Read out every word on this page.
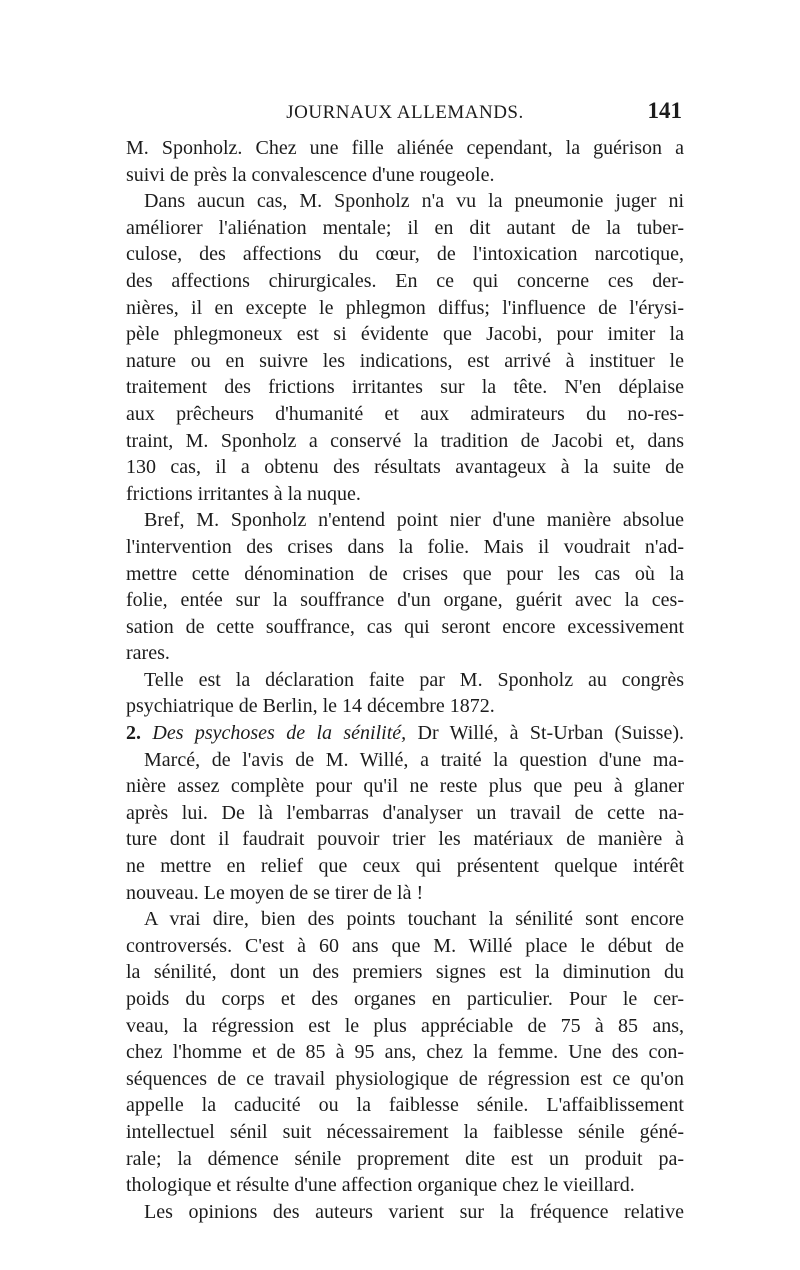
JOURNAUX ALLEMANDS.	141
M. Sponholz. Chez une fille aliénée cependant, la guérison a
suivi de près la convalescence d'une rougeole.
Dans aucun cas, M. Sponholz n'a vu la pneumonie juger ni
améliorer l'aliénation mentale; il en dit autant de la tuber-
culose, des affections du cœur, de l'intoxication narcotique,
des affections chirurgicales. En ce qui concerne ces der-
nières, il en excepte le phlegmon diffus; l'influence de l'érysi-
pèle phlegmoneux est si évidente que Jacobi, pour imiter la
nature ou en suivre les indications, est arrivé à instituer le
traitement des frictions irritantes sur la tête. N'en déplaise
aux prêcheurs d'humanité et aux admirateurs du no-res-
traint, M. Sponholz a conservé la tradition de Jacobi et, dans
130 cas, il a obtenu des résultats avantageux à la suite de
frictions irritantes à la nuque.
Bref, M. Sponholz n'entend point nier d'une manière absolue
l'intervention des crises dans la folie. Mais il voudrait n'ad-
mettre cette dénomination de crises que pour les cas où la
folie, entée sur la souffrance d'un organe, guérit avec la ces-
sation de cette souffrance, cas qui seront encore excessivement
rares.
Telle est la déclaration faite par M. Sponholz au congrès
psychiatrique de Berlin, le 14 décembre 1872.
2. Des psychoses de la sénilité, Dr Willé, à St-Urban (Suisse).
Marcé, de l'avis de M. Willé, a traité la question d'une ma-
nière assez complète pour qu'il ne reste plus que peu à glaner
après lui. De là l'embarras d'analyser un travail de cette na-
ture dont il faudrait pouvoir trier les matériaux de manière à
ne mettre en relief que ceux qui présentent quelque intérêt
nouveau. Le moyen de se tirer de là !
A vrai dire, bien des points touchant la sénilité sont encore
controversés. C'est à 60 ans que M. Willé place le début de
la sénilité, dont un des premiers signes est la diminution du
poids du corps et des organes en particulier. Pour le cer-
veau, la régression est le plus appréciable de 75 à 85 ans,
chez l'homme et de 85 à 95 ans, chez la femme. Une des con-
séquences de ce travail physiologique de régression est ce qu'on
appelle la caducité ou la faiblesse sénile. L'affaiblissement
intellectuel sénil suit nécessairement la faiblesse sénile géné-
rale; la démence sénile proprement dite est un produit pa-
thologique et résulte d'une affection organique chez le vieillard.
Les opinions des auteurs varient sur la fréquence relative
